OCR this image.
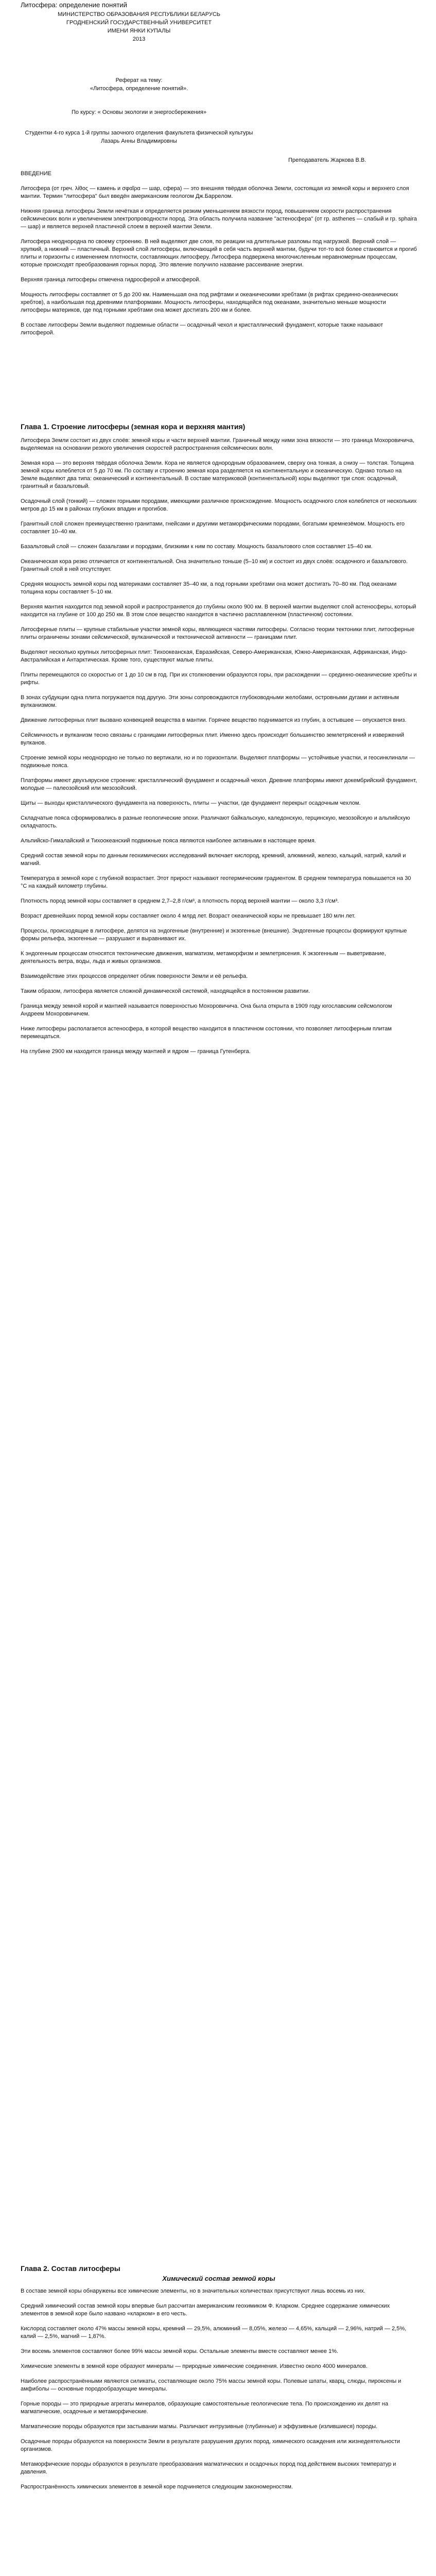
Литосфера: определение понятий
МИНИСТЕРСТВО ОБРАЗОВАНИЯ РЕСПУБЛИКИ БЕЛАРУСЬ
ГРОДНЕНСКИЙ ГОСУДАРСТВЕННЫЙ УНИВЕРСИТЕТ
ИМЕНИ ЯНКИ КУПАЛЫ
2013
Реферат на тему:
«Литосфера, определение понятий».
По курсу: « Основы экологии и энергосбережения»
Студентки 4-го курса 1-й группы заочного отделения факультета физической культуры
Лазарь Анны Владимировны
Преподаватель Жаркова В.В.

ВВЕДЕНИЕ

Литосфера (от греч. λίθος — камень и σφαῖρα — шар, сфера) — это внешняя твёрдая оболочка Земли, состоящая из земной коры и верхнего слоя мантии. Термин "литосфера" был введён американским геологом Дж.Баррелом.

Нижняя граница литосферы Земли нечёткая и определяется резким уменьшением вязкости пород, повышением скорости распространения сейсмических волн и увеличением электропроводности пород. Эта область получила название "астеносфера" (от гр. asthenes — слабый и гр. sphaira — шар) и является верхней пластичной слоем в верхней мантии Земли.

Литосфера неоднородна по своему строению. В ней выделяют две слоя, по реакции на длительные разломы под нагрузкой. Верхний слой — хрупкий, а нижний — пластичный. Верхний слой литосферы, включающий в себя часть верхней мантии, будучи тот-то всё более становится и прогиб плиты и горизонты с изменением плотности, составляющих литосферу. Литосфера подвержена многочисленным неравномерным процессам, которые происходят преобразования горных пород. Это явление получило название рассеивание энергии.

Верхняя граница литосферы отмечена гидросферой и атмосферой.

Мощность литосферы составляет от 5 до 200 км. Наименьшая она под рифтами и океаническими хребтами (в рифтах срединно-океанических хребтов), а наибольшая под древними платформами. Мощность литосферы, находящейся под океанами, значительно меньше мощности литосферы материков, где под горными хребтами она может достигать 200 км и более.

В составе литосферы Земли выделяют подземные области — осадочный чехол и кристаллический фундамент, которые также называют литосферой.

Глава 1. Строение литосферы (земная кора и верхняя мантия)

Литосфера Земли состоит из двух слоёв: земной коры и части верхней мантии. Граничный между ними зона вязкости — это граница Мохоровичича, выделяемая на основании резкого увеличения скоростей распространения сейсмических волн.

Земная кора — это верхняя твёрдая оболочка Земли. Кора не является однородным образованием, сверху она тонкая, а снизу — толстая. Толщина земной коры колеблется от 5 до 70 км. По составу и строению земная кора разделяется на континентальную и океаническую. Однако только на Земле выделяют два типа: океанический и континентальный. В составе материковой (континентальной) коры выделяют три слоя: осадочный, гранитный и базальтовый.

Осадочный слой (тонкий) — сложен горными породами, имеющими различное происхождение. Мощность осадочного слоя колеблется от нескольких метров до 15 км в районах глубоких впадин и прогибов.

Гранитный слой сложен преимущественно гранитами, гнейсами и другими метаморфическими породами, богатыми кремнезёмом. Мощность его составляет 10–40 км.

Базальтовый слой — сложен базальтами и породами, близкими к ним по составу. Мощность базальтового слоя составляет 15–40 км.

Океаническая кора резко отличается от континентальной. Она значительно тоньше (5–10 км) и состоит из двух слоёв: осадочного и базальтового. Гранитный слой в ней отсутствует.

Средняя мощность земной коры под материками составляет 35–40 км, а под горными хребтами она может достигать 70–80 км. Под океанами толщина коры составляет 5–10 км.

Верхняя мантия находится под земной корой и распространяется до глубины около 900 км. В верхней мантии выделяют слой астеносферы, который находится на глубине от 100 до 250 км. В этом слое вещество находится в частично расплавленном (пластичном) состоянии.

Литосферные плиты — крупные стабильные участки земной коры, являющиеся частями литосферы. Согласно теории тектоники плит, литосферные плиты ограничены зонами сейсмической, вулканической и тектонической активности — границами плит.

Выделяют несколько крупных литосферных плит: Тихоокеанская, Евразийская, Северо-Американская, Южно-Американская, Африканская, Индо-Австралийская и Антарктическая. Кроме того, существуют малые плиты.

Плиты перемещаются со скоростью от 1 до 10 см в год. При их столкновении образуются горы, при расхождении — срединно-океанические хребты и рифты.

В зонах субдукции одна плита погружается под другую. Эти зоны сопровождаются глубоководными желобами, островными дугами и активным вулканизмом.

Движение литосферных плит вызвано конвекцией вещества в мантии. Горячее вещество поднимается из глубин, а остывшее — опускается вниз.

Сейсмичность и вулканизм тесно связаны с границами литосферных плит. Именно здесь происходит большинство землетрясений и извержений вулканов.

Строение земной коры неоднородно не только по вертикали, но и по горизонтали. Выделяют платформы — устойчивые участки, и геосинклинали — подвижные пояса.

Платформы имеют двухъярусное строение: кристаллический фундамент и осадочный чехол. Древние платформы имеют докембрийский фундамент, молодые — палеозойский или мезозойский.

Щиты — выходы кристаллического фундамента на поверхность, плиты — участки, где фундамент перекрыт осадочным чехлом.

Складчатые пояса сформировались в разные геологические эпохи. Различают байкальскую, каледонскую, герцинскую, мезозойскую и альпийскую складчатость.

Альпийско-Гималайский и Тихоокеанский подвижные пояса являются наиболее активными в настоящее время.

Средний состав земной коры по данным геохимических исследований включает кислород, кремний, алюминий, железо, кальций, натрий, калий и магний.

Температура в земной коре с глубиной возрастает. Этот прирост называют геотермическим градиентом. В среднем температура повышается на 30 °С на каждый километр глубины.

Плотность пород земной коры составляет в среднем 2,7–2,8 г/см³, а плотность пород верхней мантии — около 3,3 г/см³.

Возраст древнейших пород земной коры составляет около 4 млрд лет. Возраст океанической коры не превышает 180 млн лет.

Процессы, происходящие в литосфере, делятся на эндогенные (внутренние) и экзогенные (внешние). Эндогенные процессы формируют крупные формы рельефа, экзогенные — разрушают и выравнивают их.

К эндогенным процессам относятся тектонические движения, магматизм, метаморфизм и землетрясения. К экзогенным — выветривание, деятельность ветра, воды, льда и живых организмов.

Взаимодействие этих процессов определяет облик поверхности Земли и её рельефа.

Таким образом, литосфера является сложной динамической системой, находящейся в постоянном развитии.

Граница между земной корой и мантией называется поверхностью Мохоровичича. Она была открыта в 1909 году югославским сейсмологом Андреем Мохоровичичем.

Ниже литосферы располагается астеносфера, в которой вещество находится в пластичном состоянии, что позволяет литосферным плитам перемещаться.

На глубине 2900 км находится граница между мантией и ядром — граница Гутенберга.

Глава 2. Состав литосферы
Химический состав земной коры

В составе земной коры обнаружены все химические элементы, но в значительных количествах присутствуют лишь восемь из них.

Средний химический состав земной коры впервые был рассчитан американским геохимиком Ф. Кларком. Среднее содержание химических элементов в земной коре было названо «кларком» в его честь.

Кислород составляет около 47% массы земной коры, кремний — 29,5%, алюминий — 8,05%, железо — 4,65%, кальций — 2,96%, натрий — 2,5%, калий — 2,5%, магний — 1,87%.

Эти восемь элементов составляют более 99% массы земной коры. Остальные элементы вместе составляют менее 1%.

Химические элементы в земной коре образуют минералы — природные химические соединения. Известно около 4000 минералов.

Наиболее распространёнными являются силикаты, составляющие около 75% массы земной коры. Полевые шпаты, кварц, слюды, пироксены и амфиболы — основные породообразующие минералы.

Горные породы — это природные агрегаты минералов, образующие самостоятельные геологические тела. По происхождению их делят на магматические, осадочные и метаморфические.

Магматические породы образуются при застывании магмы. Различают интрузивные (глубинные) и эффузивные (излившиеся) породы.

Осадочные породы образуются на поверхности Земли в результате разрушения других пород, химического осаждения или жизнедеятельности организмов.

Метаморфические породы образуются в результате преобразования магматических и осадочных пород под действием высоких температур и давления.

Распространённость химических элементов в земной коре подчиняется следующим закономерностям.
